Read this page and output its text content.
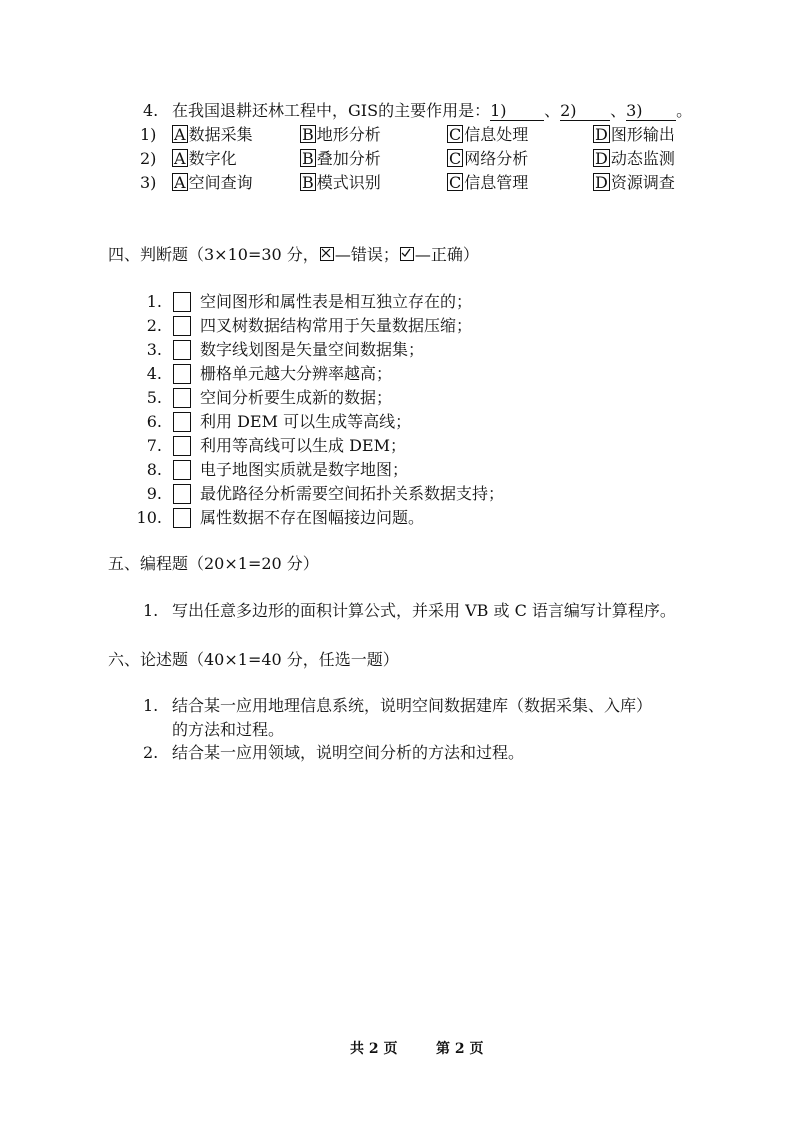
4. 在我国退耕还林工程中，GIS的主要作用是：1) 、2) 、3) 。
1) A 数据采集	B 地形分析	C 信息处理	D 图形输出
2) A 数字化	B 叠加分析	C 网络分析	D 动态监测
3) A 空间查询	B 模式识别	C 信息管理	D 资源调查
四、判断题（3×10=30 分， —错误； —正确）
1. 空间图形和属性表是相互独立存在的；
2. 四叉树数据结构常用于矢量数据压缩；
3. 数字线划图是矢量空间数据集；
4. 栅格单元越大分辨率越高；
5. 空间分析要生成新的数据；
6. 利用 DEM 可以生成等高线；
7. 利用等高线可以生成 DEM；
8. 电子地图实质就是数字地图；
9. 最优路径分析需要空间拓扑关系数据支持；
10. 属性数据不存在图幅接边问题。
五、编程题（20×1=20 分）
1. 写出任意多边形的面积计算公式，并采用 VB 或 C 语言编写计算程序。
六、论述题（40×1=40 分，任选一题）
1. 结合某一应用地理信息系统，说明空间数据建库（数据采集、入库）
的方法和过程。
2. 结合某一应用领域，说明空间分析的方法和过程。
共 2 页	第 2 页
